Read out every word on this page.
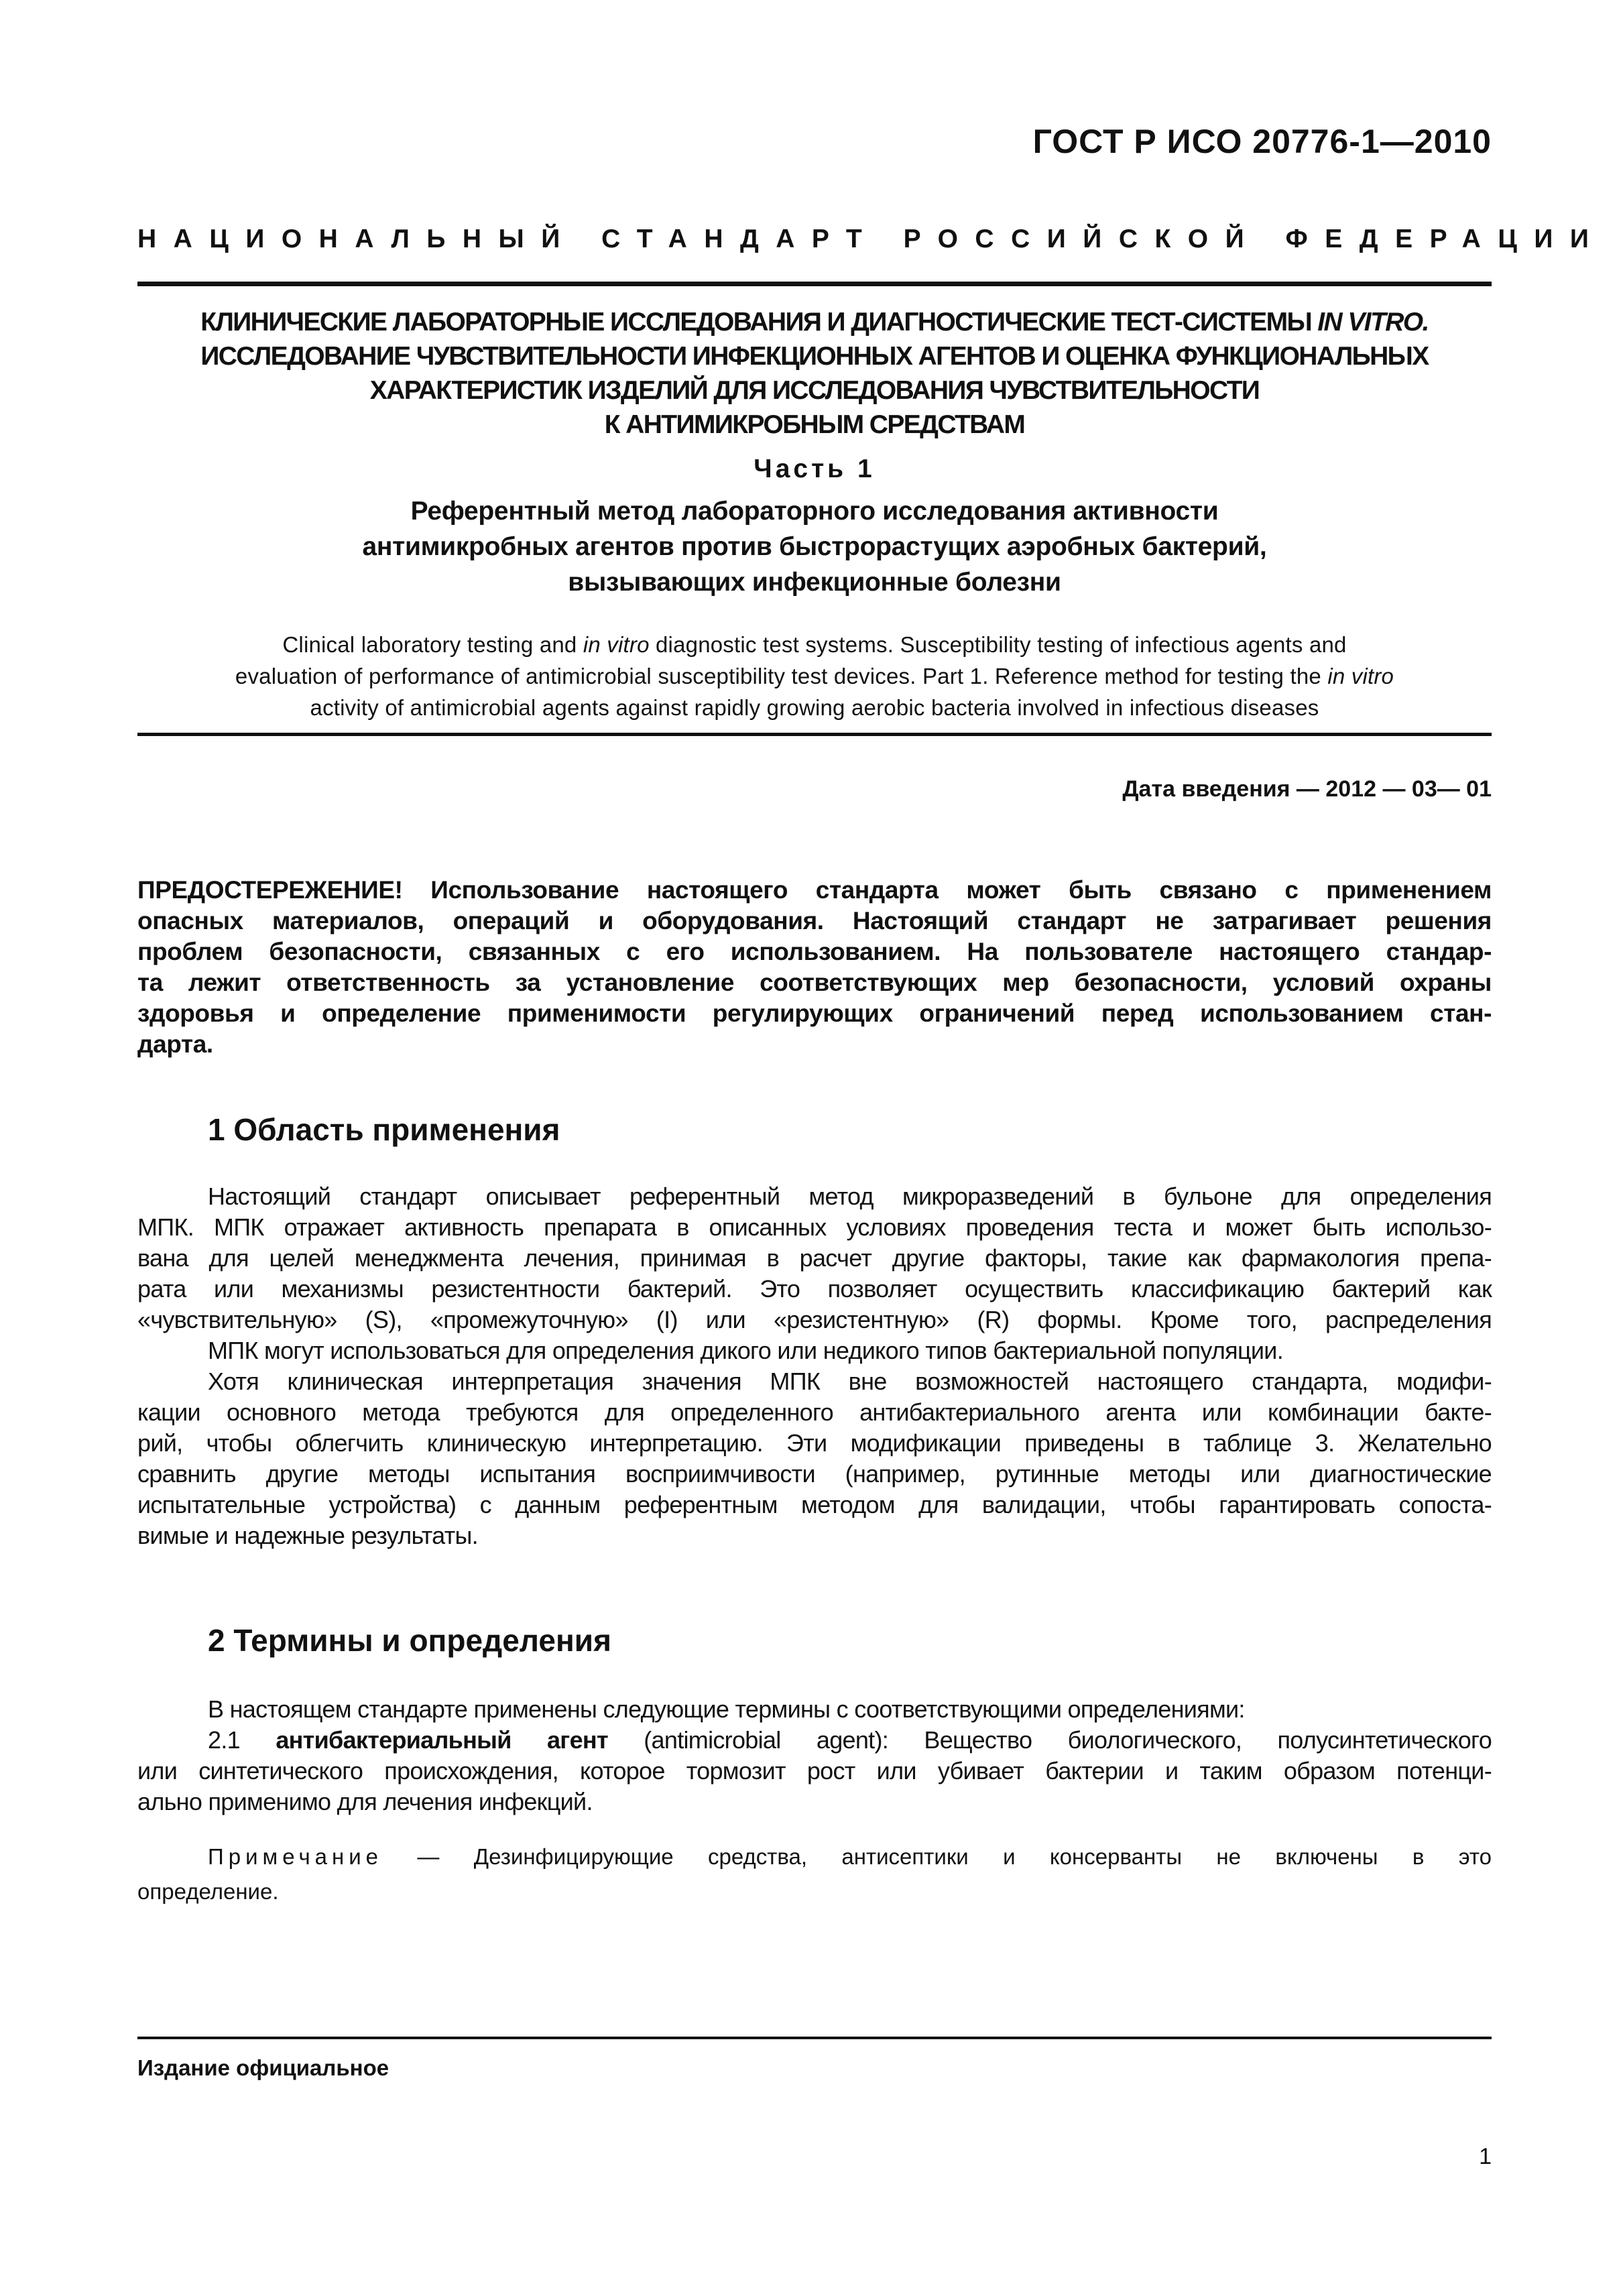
ГОСТ Р ИСО 20776-1—2010
НАЦИОНАЛЬНЫЙ СТАНДАРТ РОССИЙСКОЙ ФЕДЕРАЦИИ
КЛИНИЧЕСКИЕ ЛАБОРАТОРНЫЕ ИССЛЕДОВАНИЯ И ДИАГНОСТИЧЕСКИЕ ТЕСТ-СИСТЕМЫ IN VITRO.
ИССЛЕДОВАНИЕ ЧУВСТВИТЕЛЬНОСТИ ИНФЕКЦИОННЫХ АГЕНТОВ И ОЦЕНКА ФУНКЦИОНАЛЬНЫХ
ХАРАКТЕРИСТИК ИЗДЕЛИЙ ДЛЯ ИССЛЕДОВАНИЯ ЧУВСТВИТЕЛЬНОСТИ
К АНТИМИКРОБНЫМ СРЕДСТВАМ
Часть 1
Референтный метод лабораторного исследования активности
антимикробных агентов против быстрорастущих аэробных бактерий,
вызывающих инфекционные болезни
Clinical laboratory testing and in vitro diagnostic test systems. Susceptibility testing of infectious agents and
evaluation of performance of antimicrobial susceptibility test devices. Part 1. Reference method for testing the in vitro
activity of antimicrobial agents against rapidly growing aerobic bacteria involved in infectious diseases
Дата введения — 2012 — 03— 01
ПРЕДОСТЕРЕЖЕНИЕ! Использование настоящего стандарта может быть связано с применением
опасных материалов, операций и оборудования. Настоящий стандарт не затрагивает решения
проблем безопасности, связанных с его использованием. На пользователе настоящего стандар-
та лежит ответственность за установление соответствующих мер безопасности, условий охраны
здоровья и определение применимости регулирующих ограничений перед использованием стан-
дарта.
1 Область применения
Настоящий стандарт описывает референтный метод микроразведений в бульоне для определения
МПК. МПК отражает активность препарата в описанных условиях проведения теста и может быть использо-
вана для целей менеджмента лечения, принимая в расчет другие факторы, такие как фармакология препа-
рата или механизмы резистентности бактерий. Это позволяет осуществить классификацию бактерий как
«чувствительную» (S), «промежуточную» (I) или «резистентную» (R) формы. Кроме того, распределения
МПК могут использоваться для определения дикого или недикого типов бактериальной популяции.
Хотя клиническая интерпретация значения МПК вне возможностей настоящего стандарта, модифи-
кации основного метода требуются для определенного антибактериального агента или комбинации бакте-
рий, чтобы облегчить клиническую интерпретацию. Эти модификации приведены в таблице 3. Желательно
сравнить другие методы испытания восприимчивости (например, рутинные методы или диагностические
испытательные устройства) с данным референтным методом для валидации, чтобы гарантировать сопоста-
вимые и надежные результаты.
2 Термины и определения
В настоящем стандарте применены следующие термины с соответствующими определениями:
2.1 антибактериальный агент (antimicrobial agent): Вещество биологического, полусинтетического
или синтетического происхождения, которое тормозит рост или убивает бактерии и таким образом потенци-
ально применимо для лечения инфекций.
Примечание — Дезинфицирующие средства, антисептики и консерванты не включены в это
определение.
Издание официальное
1
